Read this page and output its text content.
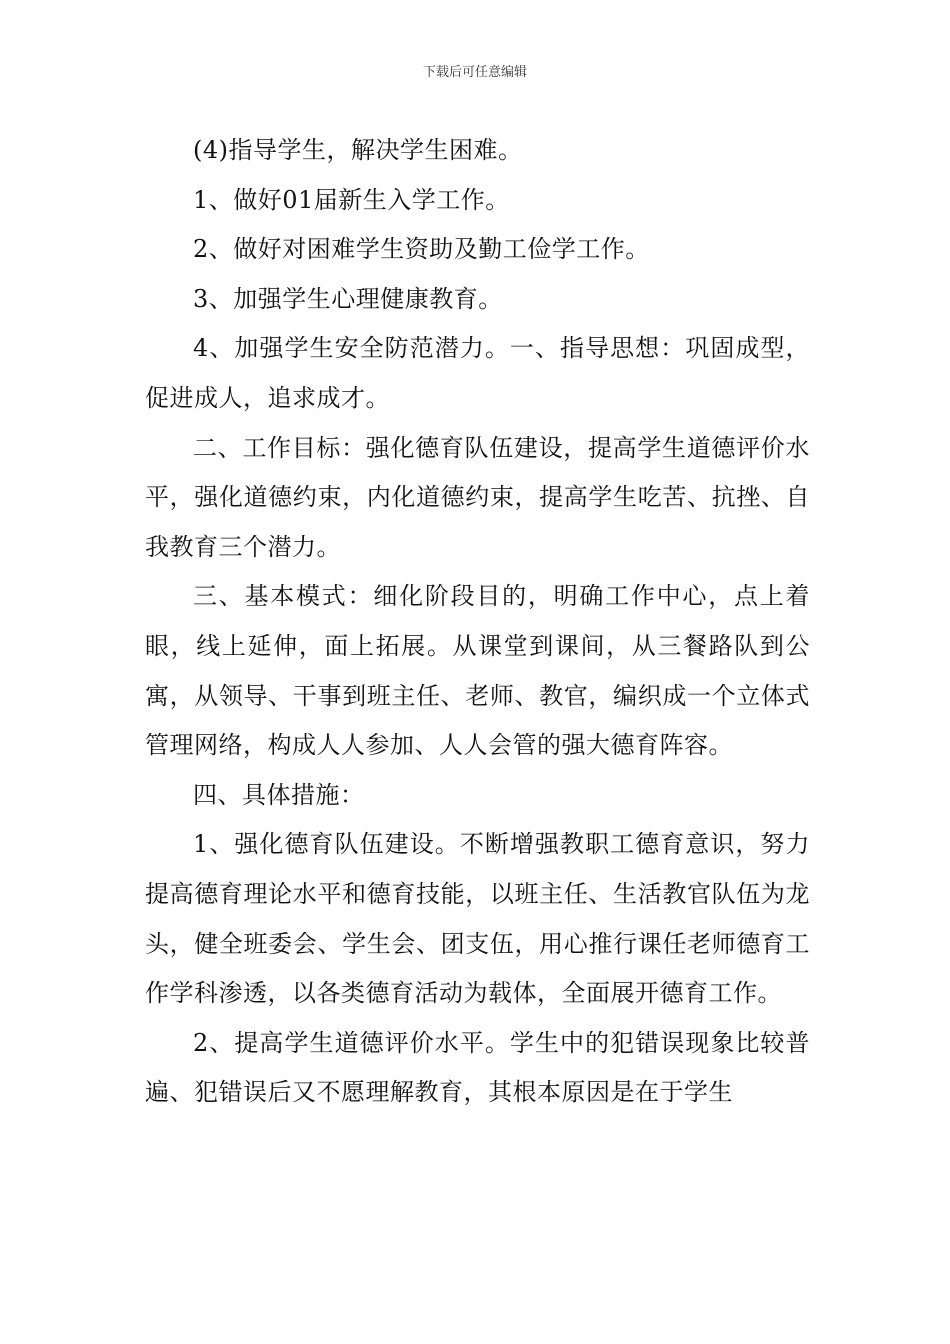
下载后可任意编辑

(4)指导学生，解决学生困难。

1、做好01届新生入学工作。

2、做好对困难学生资助及勤工俭学工作。

3、加强学生心理健康教育。

4、加强学生安全防范潜力。一、指导思想：巩固成型，促进成人，追求成才。

二、工作目标：强化德育队伍建设，提高学生道德评价水平，强化道德约束，内化道德约束，提高学生吃苦、抗挫、自我教育三个潜力。

三、基本模式：细化阶段目的，明确工作中心，点上着眼，线上延伸，面上拓展。从课堂到课间，从三餐路队到公寓，从领导、干事到班主任、老师、教官，编织成一个立体式管理网络，构成人人参加、人人会管的强大德育阵容。

四、具体措施：

1、强化德育队伍建设。不断增强教职工德育意识，努力提高德育理论水平和德育技能，以班主任、生活教官队伍为龙头，健全班委会、学生会、团支伍，用心推行课任老师德育工作学科渗透，以各类德育活动为载体，全面展开德育工作。

2、提高学生道德评价水平。学生中的犯错误现象比较普遍、犯错误后又不愿理解教育，其根本原因是在于学生
